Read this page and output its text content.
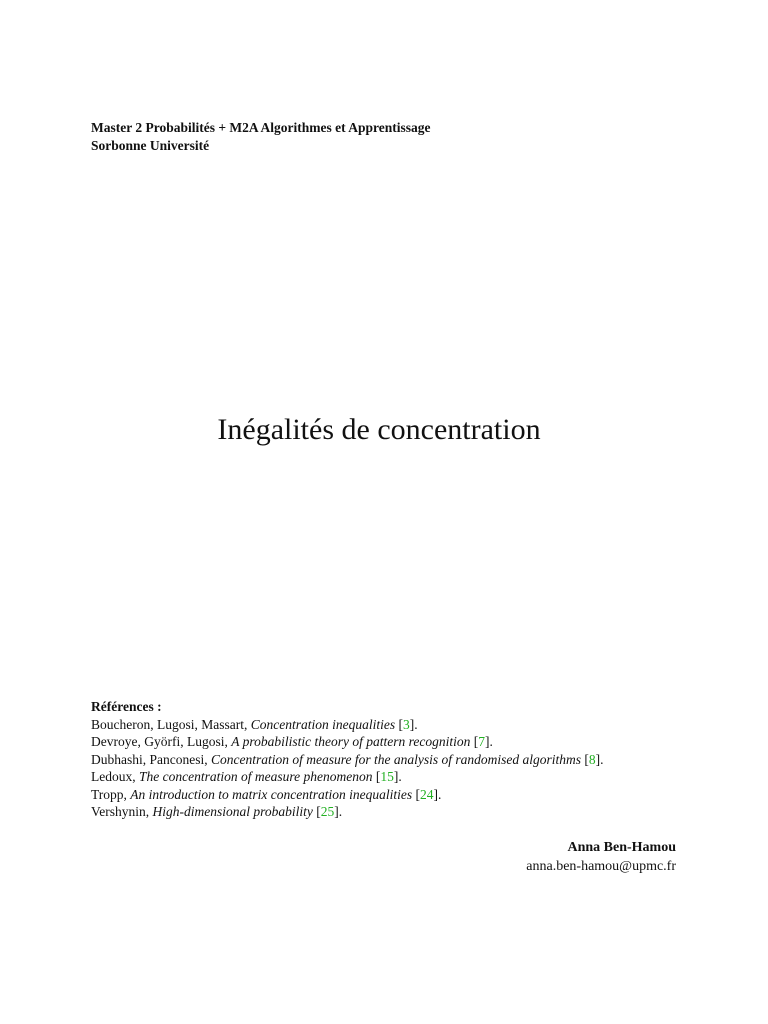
Master 2 Probabilités + M2A Algorithmes et Apprentissage
Sorbonne Université
Inégalités de concentration
Références :
Boucheron, Lugosi, Massart, Concentration inequalities [3].
Devroye, Györfi, Lugosi, A probabilistic theory of pattern recognition [7].
Dubhashi, Panconesi, Concentration of measure for the analysis of randomised algorithms [8].
Ledoux, The concentration of measure phenomenon [15].
Tropp, An introduction to matrix concentration inequalities [24].
Vershynin, High-dimensional probability [25].
Anna Ben-Hamou
anna.ben-hamou@upmc.fr
